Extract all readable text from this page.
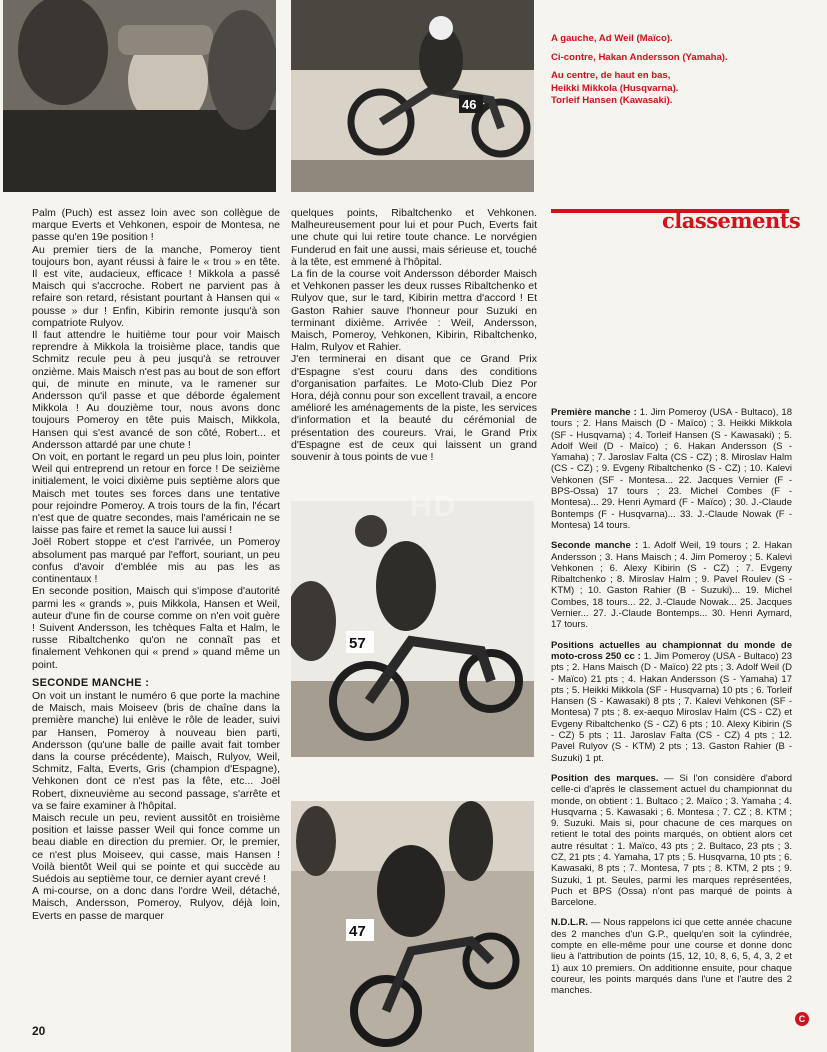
46
57
47

A gauche, Ad Weil (Maïco).

Ci-contre, Hakan Andersson (Yamaha).

Au centre, de haut en bas,
Heikki Mikkola (Husqvarna).
Torleif Hansen (Kawasaki).

Palm (Puch) est assez loin avec son collègue de marque Everts et Vehkonen, espoir de Montesa, ne passe qu'en 19e position !

Au premier tiers de la manche, Pomeroy tient toujours bon, ayant réussi à faire le « trou » en tête. Il est vite, audacieux, efficace ! Mikkola a passé Maisch qui s'accroche. Robert ne parvient pas à refaire son retard, résistant pourtant à Hansen qui « pousse » dur ! Enfin, Kibirin remonte jusqu'à son compatriote Rulyov.

Il faut attendre le huitième tour pour voir Maisch reprendre à Mikkola la troisième place, tandis que Schmitz recule peu à peu jusqu'à se retrouver onzième. Mais Maisch n'est pas au bout de son effort qui, de minute en minute, va le ramener sur Andersson qu'il passe et que déborde également Mikkola ! Au douzième tour, nous avons donc toujours Pomeroy en tête puis Maisch, Mikkola, Hansen qui s'est avancé de son côté, Robert... et Andersson attardé par une chute !

On voit, en portant le regard un peu plus loin, pointer Weil qui entreprend un retour en force ! De seizième initialement, le voici dixième puis septième alors que Maisch met toutes ses forces dans une tentative pour rejoindre Pomeroy. A trois tours de la fin, l'écart n'est que de quatre secondes, mais l'américain ne se laisse pas faire et remet la sauce lui aussi !

Joël Robert stoppe et c'est l'arrivée, un Pomeroy absolument pas marqué par l'effort, souriant, un peu confus d'avoir d'emblée mis au pas les as continentaux !

En seconde position, Maisch qui s'impose d'autorité parmi les « grands », puis Mikkola, Hansen et Weil, auteur d'une fin de course comme on n'en voit guère ! Suivent Andersson, les tchèques Falta et Halm, le russe Ribaltchenko qu'on ne connaît pas et finalement Vehkonen qui « prend » quand même un point.

SECONDE MANCHE :

On voit un instant le numéro 6 que porte la machine de Maisch, mais Moiseev (bris de chaîne dans la première manche) lui enlève le rôle de leader, suivi par Hansen, Pomeroy à nouveau bien parti, Andersson (qu'une balle de paille avait fait tomber dans la course précédente), Maisch, Rulyov, Weil, Schmitz, Falta, Everts, Gris (champion d'Espagne), Vehkonen dont ce n'est pas la fête, etc... Joël Robert, dixneuvième au second passage, s'arrête et va se faire examiner à l'hôpital.

Maisch recule un peu, revient aussitôt en troisième position et laisse passer Weil qui fonce comme un beau diable en direction du premier. Or, le premier, ce n'est plus Moiseev, qui casse, mais Hansen ! Voilà bientôt Weil qui se pointe et qui succède au Suédois au septième tour, ce dernier ayant crevé !

A mi-course, on a donc dans l'ordre Weil, détaché, Maisch, Andersson, Pomeroy, Rulyov, déjà loin, Everts en passe de marquer

quelques points, Ribaltchenko et Vehkonen. Malheureusement pour lui et pour Puch, Everts fait une chute qui lui retire toute chance. Le norvégien Funderud en fait une aussi, mais sérieuse et, touché à la tête, est emmené à l'hôpital.

La fin de la course voit Andersson déborder Maisch et Vehkonen passer les deux russes Ribaltchenko et Rulyov que, sur le tard, Kibirin mettra d'accord ! Et Gaston Rahier sauve l'honneur pour Suzuki en terminant dixième. Arrivée : Weil, Andersson, Maisch, Pomeroy, Vehkonen, Kibirin, Ribaltchenko, Halm, Rulyov et Rahier.

J'en terminerai en disant que ce Grand Prix d'Espagne s'est couru dans des conditions d'organisation parfaites. Le Moto-Club Diez Por Hora, déjà connu pour son excellent travail, a encore amélioré les aménagements de la piste, les services d'information et la beauté du cérémonial de présentation des coureurs. Vrai, le Grand Prix d'Espagne est de ceux qui laissent un grand souvenir à tous points de vue !

HD
classements

Première manche : 1. Jim Pomeroy (USA - Bultaco), 18 tours ; 2. Hans Maisch (D - Maïco) ; 3. Heikki Mikkola (SF - Husqvarna) ; 4. Torleif Hansen (S - Kawasaki) ; 5. Adolf Weil (D - Maïco) ; 6. Hakan Andersson (S - Yamaha) ; 7. Jaroslav Falta (CS - CZ) ; 8. Miroslav Halm (CS - CZ) ; 9. Evgeny Ribaltchenko (S - CZ) ; 10. Kalevi Vehkonen (SF - Montesa... 22. Jacques Vernier (F - BPS-Ossa) 17 tours ; 23. Michel Combes (F - Montesa)... 29. Henri Aymard (F - Maïco) ; 30. J.-Claude Bontemps (F - Husqvarna)... 33. J.-Claude Nowak (F - Montesa) 14 tours.

Seconde manche : 1. Adolf Weil, 19 tours ; 2. Hakan Andersson ; 3. Hans Maisch ; 4. Jim Pomeroy ; 5. Kalevi Vehkonen ; 6. Alexy Kibirin (S - CZ) ; 7. Evgeny Ribaltchenko ; 8. Miroslav Halm ; 9. Pavel Roulev (S - KTM) ; 10. Gaston Rahier (B - Suzuki)... 19. Michel Combes, 18 tours... 22. J.-Claude Nowak... 25. Jacques Vernier... 27. J.-Claude Bontemps... 30. Henri Aymard, 17 tours.

Positions actuelles au championnat du monde de moto-cross 250 cc : 1. Jim Pomeroy (USA - Bultaco) 23 pts ; 2. Hans Maisch (D - Maïco) 22 pts ; 3. Adolf Weil (D - Maïco) 21 pts ; 4. Hakan Andersson (S - Yamaha) 17 pts ; 5. Heikki Mikkola (SF - Husqvarna) 10 pts ; 6. Torleif Hansen (S - Kawasaki) 8 pts ; 7. Kalevi Vehkonen (SF - Montesa) 7 pts ; 8. ex-aequo Miroslav Halm (CS - CZ) et Evgeny Ribaltchenko (S - CZ) 6 pts ; 10. Alexy Kibirin (S - CZ) 5 pts ; 11. Jaroslav Falta (CS - CZ) 4 pts ; 12. Pavel Rulyov (S - KTM) 2 pts ; 13. Gaston Rahier (B - Suzuki) 1 pt.

Position des marques. — Si l'on considère d'abord celle-ci d'après le classement actuel du championnat du monde, on obtient : 1. Bultaco ; 2. Maïco ; 3. Yamaha ; 4. Husqvarna ; 5. Kawasaki ; 6. Montesa ; 7. CZ ; 8. KTM ; 9. Suzuki. Mais si, pour chacune de ces marques on retient le total des points marqués, on obtient alors cet autre résultat : 1. Maïco, 43 pts ; 2. Bultaco, 23 pts ; 3. CZ, 21 pts ; 4. Yamaha, 17 pts ; 5. Husqvarna, 10 pts ; 6. Kawasaki, 8 pts ; 7. Montesa, 7 pts ; 8. KTM, 2 pts ; 9. Suzuki, 1 pt. Seules, parmi les marques représentées, Puch et BPS (Ossa) n'ont pas marqué de points à Barcelone.

N.D.L.R. — Nous rappelons ici que cette année chacune des 2 manches d'un G.P., quelqu'en soit la cylindrée, compte en elle-même pour une course et donne donc lieu à l'attribution de points (15, 12, 10, 8, 6, 5, 4, 3, 2 et 1) aux 10 premiers. On additionne ensuite, pour chaque coureur, les points marqués dans l'une et l'autre des 2 manches.

20
C
